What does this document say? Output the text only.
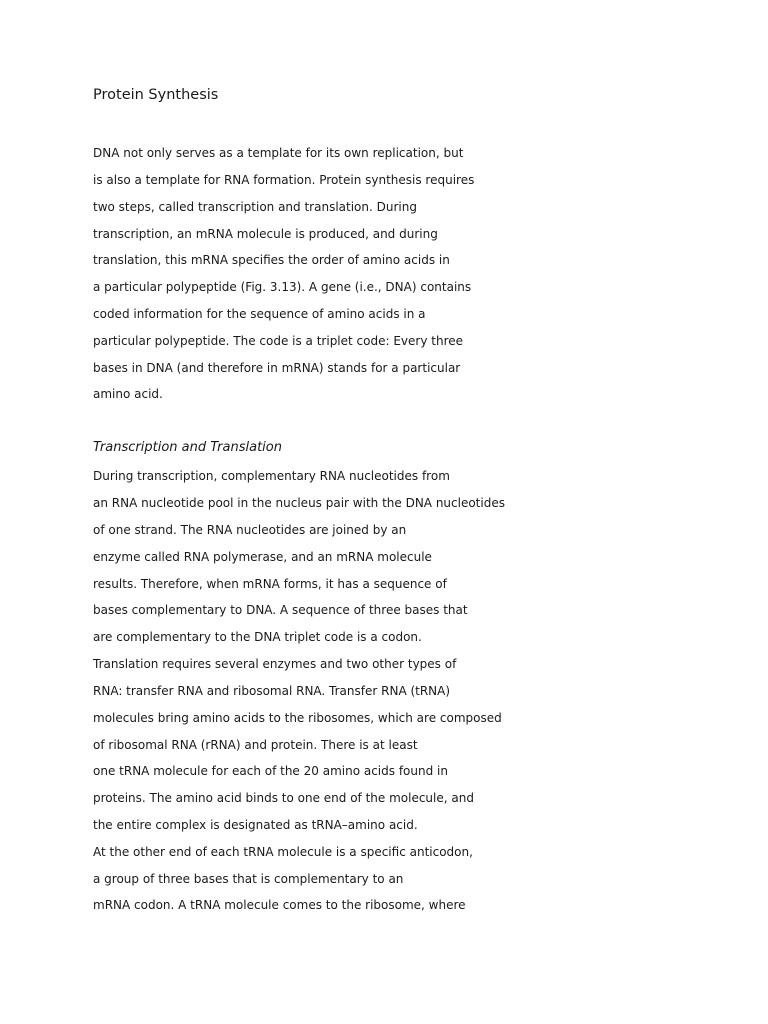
Protein Synthesis
DNA not only serves as a template for its own replication, but
is also a template for RNA formation. Protein synthesis requires
two steps, called transcription and translation. During
transcription, an mRNA molecule is produced, and during
translation, this mRNA specifies the order of amino acids in
a particular polypeptide (Fig. 3.13). A gene (i.e., DNA) contains
coded information for the sequence of amino acids in a
particular polypeptide. The code is a triplet code: Every three
bases in DNA (and therefore in mRNA) stands for a particular
amino acid.
Transcription and Translation
During transcription, complementary RNA nucleotides from
an RNA nucleotide pool in the nucleus pair with the DNA nucleotides
of one strand. The RNA nucleotides are joined by an
enzyme called RNA polymerase, and an mRNA molecule
results. Therefore, when mRNA forms, it has a sequence of
bases complementary to DNA. A sequence of three bases that
are complementary to the DNA triplet code is a codon.
Translation requires several enzymes and two other types of
RNA: transfer RNA and ribosomal RNA. Transfer RNA (tRNA)
molecules bring amino acids to the ribosomes, which are composed
of ribosomal RNA (rRNA) and protein. There is at least
one tRNA molecule for each of the 20 amino acids found in
proteins. The amino acid binds to one end of the molecule, and
the entire complex is designated as tRNA–amino acid.
At the other end of each tRNA molecule is a specific anticodon,
a group of three bases that is complementary to an
mRNA codon. A tRNA molecule comes to the ribosome, where
